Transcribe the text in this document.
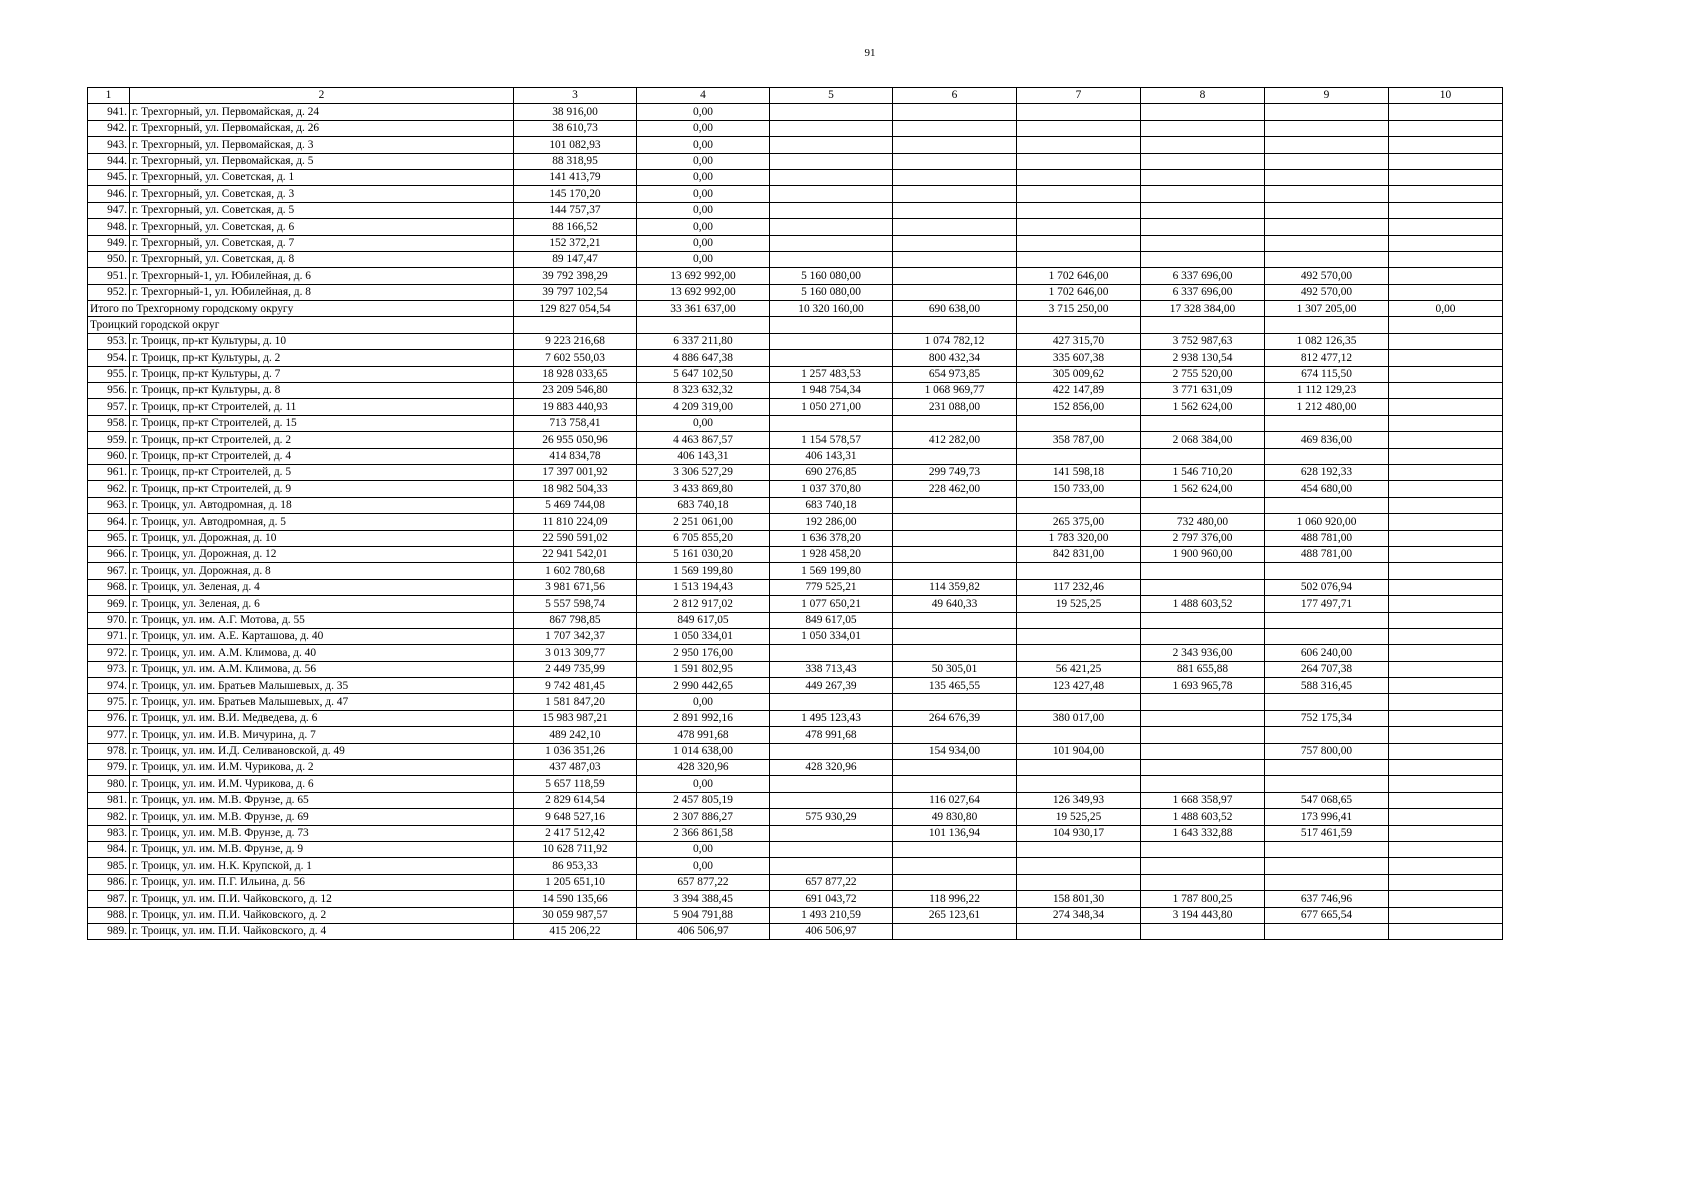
91
1	2	3	4	5	6	7	8	9	10
941.	г. Трехгорный, ул. Первомайская, д. 24	38 916,00	0,00						
942.	г. Трехгорный, ул. Первомайская, д. 26	38 610,73	0,00						
943.	г. Трехгорный, ул. Первомайская, д. 3	101 082,93	0,00						
944.	г. Трехгорный, ул. Первомайская, д. 5	88 318,95	0,00						
945.	г. Трехгорный, ул. Советская, д. 1	141 413,79	0,00						
946.	г. Трехгорный, ул. Советская, д. 3	145 170,20	0,00						
947.	г. Трехгорный, ул. Советская, д. 5	144 757,37	0,00						
948.	г. Трехгорный, ул. Советская, д. 6	88 166,52	0,00						
949.	г. Трехгорный, ул. Советская, д. 7	152 372,21	0,00						
950.	г. Трехгорный, ул. Советская, д. 8	89 147,47	0,00						
951.	г. Трехгорный-1, ул. Юбилейная, д. 6	39 792 398,29	13 692 992,00	5 160 080,00		1 702 646,00	6 337 696,00	492 570,00	
952.	г. Трехгорный-1, ул. Юбилейная, д. 8	39 797 102,54	13 692 992,00	5 160 080,00		1 702 646,00	6 337 696,00	492 570,00	
Итого по Трехгорному городскому округу		129 827 054,54	33 361 637,00	10 320 160,00	690 638,00	3 715 250,00	17 328 384,00	1 307 205,00	0,00
Троицкий городской округ									
953.	г. Троицк, пр-кт Культуры, д. 10	9 223 216,68	6 337 211,80		1 074 782,12	427 315,70	3 752 987,63	1 082 126,35	
954.	г. Троицк, пр-кт Культуры, д. 2	7 602 550,03	4 886 647,38		800 432,34	335 607,38	2 938 130,54	812 477,12	
955.	г. Троицк, пр-кт Культуры, д. 7	18 928 033,65	5 647 102,50	1 257 483,53	654 973,85	305 009,62	2 755 520,00	674 115,50	
956.	г. Троицк, пр-кт Культуры, д. 8	23 209 546,80	8 323 632,32	1 948 754,34	1 068 969,77	422 147,89	3 771 631,09	1 112 129,23	
957.	г. Троицк, пр-кт Строителей, д. 11	19 883 440,93	4 209 319,00	1 050 271,00	231 088,00	152 856,00	1 562 624,00	1 212 480,00	
958.	г. Троицк, пр-кт Строителей, д. 15	713 758,41	0,00						
959.	г. Троицк, пр-кт Строителей, д. 2	26 955 050,96	4 463 867,57	1 154 578,57	412 282,00	358 787,00	2 068 384,00	469 836,00	
960.	г. Троицк, пр-кт Строителей, д. 4	414 834,78	406 143,31	406 143,31					
961.	г. Троицк, пр-кт Строителей, д. 5	17 397 001,92	3 306 527,29	690 276,85	299 749,73	141 598,18	1 546 710,20	628 192,33	
962.	г. Троицк, пр-кт Строителей, д. 9	18 982 504,33	3 433 869,80	1 037 370,80	228 462,00	150 733,00	1 562 624,00	454 680,00	
963.	г. Троицк, ул. Автодромная, д. 18	5 469 744,08	683 740,18	683 740,18					
964.	г. Троицк, ул. Автодромная, д. 5	11 810 224,09	2 251 061,00	192 286,00		265 375,00	732 480,00	1 060 920,00	
965.	г. Троицк, ул. Дорожная, д. 10	22 590 591,02	6 705 855,20	1 636 378,20		1 783 320,00	2 797 376,00	488 781,00	
966.	г. Троицк, ул. Дорожная, д. 12	22 941 542,01	5 161 030,20	1 928 458,20		842 831,00	1 900 960,00	488 781,00	
967.	г. Троицк, ул. Дорожная, д. 8	1 602 780,68	1 569 199,80	1 569 199,80					
968.	г. Троицк, ул. Зеленая, д. 4	3 981 671,56	1 513 194,43	779 525,21	114 359,82	117 232,46		502 076,94	
969.	г. Троицк, ул. Зеленая, д. 6	5 557 598,74	2 812 917,02	1 077 650,21	49 640,33	19 525,25	1 488 603,52	177 497,71	
970.	г. Троицк, ул. им. А.Г. Мотова, д. 55	867 798,85	849 617,05	849 617,05					
971.	г. Троицк, ул. им. А.Е. Карташова, д. 40	1 707 342,37	1 050 334,01	1 050 334,01					
972.	г. Троицк, ул. им. А.М. Климова, д. 40	3 013 309,77	2 950 176,00				2 343 936,00	606 240,00	
973.	г. Троицк, ул. им. А.М. Климова, д. 56	2 449 735,99	1 591 802,95	338 713,43	50 305,01	56 421,25	881 655,88	264 707,38	
974.	г. Троицк, ул. им. Братьев Малышевых, д. 35	9 742 481,45	2 990 442,65	449 267,39	135 465,55	123 427,48	1 693 965,78	588 316,45	
975.	г. Троицк, ул. им. Братьев Малышевых, д. 47	1 581 847,20	0,00						
976.	г. Троицк, ул. им. В.И. Медведева, д. 6	15 983 987,21	2 891 992,16	1 495 123,43	264 676,39	380 017,00		752 175,34	
977.	г. Троицк, ул. им. И.В. Мичурина, д. 7	489 242,10	478 991,68	478 991,68					
978.	г. Троицк, ул. им. И.Д. Селивановской, д. 49	1 036 351,26	1 014 638,00		154 934,00	101 904,00		757 800,00	
979.	г. Троицк, ул. им. И.М. Чурикова, д. 2	437 487,03	428 320,96	428 320,96					
980.	г. Троицк, ул. им. И.М. Чурикова, д. 6	5 657 118,59	0,00						
981.	г. Троицк, ул. им. М.В. Фрунзе, д. 65	2 829 614,54	2 457 805,19		116 027,64	126 349,93	1 668 358,97	547 068,65	
982.	г. Троицк, ул. им. М.В. Фрунзе, д. 69	9 648 527,16	2 307 886,27	575 930,29	49 830,80	19 525,25	1 488 603,52	173 996,41	
983.	г. Троицк, ул. им. М.В. Фрунзе, д. 73	2 417 512,42	2 366 861,58		101 136,94	104 930,17	1 643 332,88	517 461,59	
984.	г. Троицк, ул. им. М.В. Фрунзе, д. 9	10 628 711,92	0,00						
985.	г. Троицк, ул. им. Н.К. Крупской, д. 1	86 953,33	0,00						
986.	г. Троицк, ул. им. П.Г. Ильина, д. 56	1 205 651,10	657 877,22	657 877,22					
987.	г. Троицк, ул. им. П.И. Чайковского, д. 12	14 590 135,66	3 394 388,45	691 043,72	118 996,22	158 801,30	1 787 800,25	637 746,96	
988.	г. Троицк, ул. им. П.И. Чайковского, д. 2	30 059 987,57	5 904 791,88	1 493 210,59	265 123,61	274 348,34	3 194 443,80	677 665,54	
989.	г. Троицк, ул. им. П.И. Чайковского, д. 4	415 206,22	406 506,97	406 506,97					
